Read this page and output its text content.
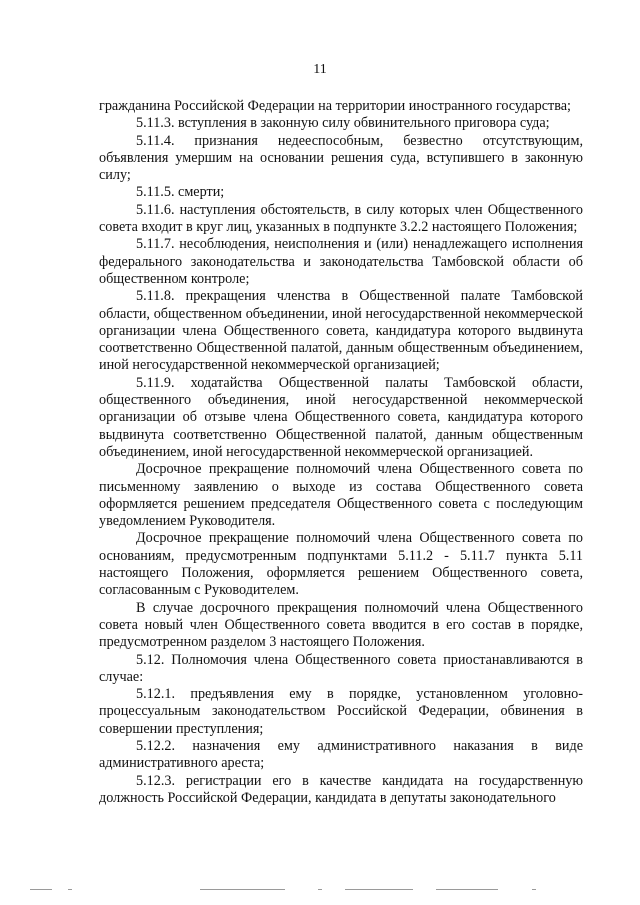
11

гражданина Российской Федерации на территории иностранного государства;

5.11.3. вступления в законную силу обвинительного приговора суда;

5.11.4. признания недееспособным, безвестно отсутствующим, объявления умершим на основании решения суда, вступившего в законную силу;

5.11.5. смерти;

5.11.6. наступления обстоятельств, в силу которых член Общественного совета входит в круг лиц, указанных в подпункте 3.2.2 настоящего Положения;

5.11.7. несоблюдения, неисполнения и (или) ненадлежащего исполнения федерального законодательства и законодательства Тамбовской области об общественном контроле;

5.11.8. прекращения членства в Общественной палате Тамбовской области, общественном объединении, иной негосударственной некоммерческой организации члена Общественного совета, кандидатура которого выдвинута соответственно Общественной палатой, данным общественным объединением, иной негосударственной некоммерческой организацией;

5.11.9. ходатайства Общественной палаты Тамбовской области, общественного объединения, иной негосударственной некоммерческой организации об отзыве члена Общественного совета, кандидатура которого выдвинута соответственно Общественной палатой, данным общественным объединением, иной негосударственной некоммерческой организацией.

Досрочное прекращение полномочий члена Общественного совета по письменному заявлению о выходе из состава Общественного совета оформляется решением председателя Общественного совета с последующим уведомлением Руководителя.

Досрочное прекращение полномочий члена Общественного совета по основаниям, предусмотренным подпунктами 5.11.2 - 5.11.7 пункта 5.11 настоящего Положения, оформляется решением Общественного совета, согласованным с Руководителем.

В случае досрочного прекращения полномочий члена Общественного совета новый член Общественного совета вводится в его состав в порядке, предусмотренном разделом 3 настоящего Положения.

5.12. Полномочия члена Общественного совета приостанавливаются в случае:

5.12.1. предъявления ему в порядке, установленном уголовно-процессуальным законодательством Российской Федерации, обвинения в совершении преступления;

5.12.2. назначения ему административного наказания в виде административного ареста;

5.12.3. регистрации его в качестве кандидата на государственную должность Российской Федерации, кандидата в депутаты законодательного
